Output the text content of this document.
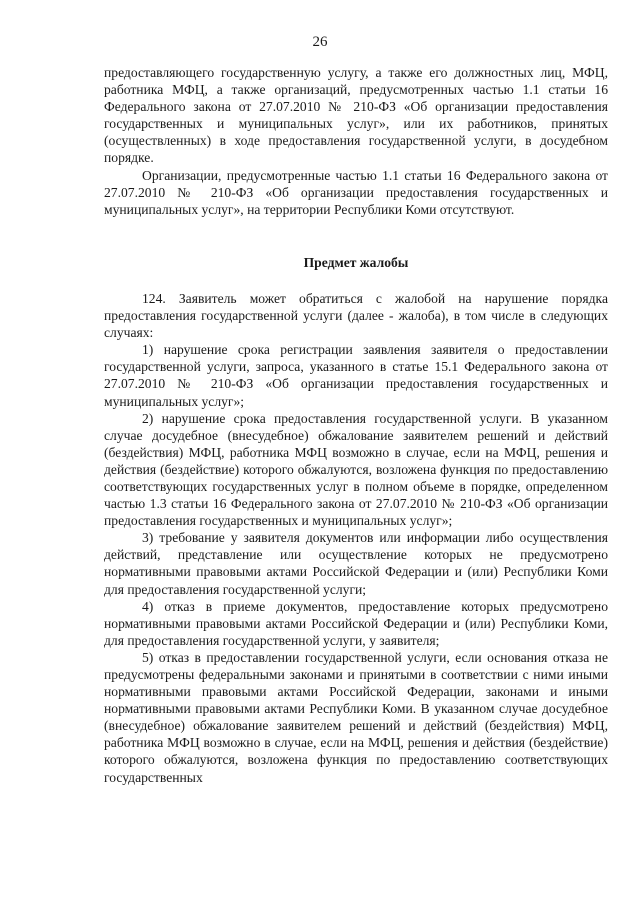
26

предоставляющего государственную услугу, а также его должностных лиц, МФЦ, работника МФЦ, а также организаций, предусмотренных частью 1.1 статьи 16 Федерального закона от 27.07.2010 № 210-ФЗ «Об организации предоставления государственных и муниципальных услуг», или их работников, принятых (осуществленных) в ходе предоставления государственной услуги, в досудебном порядке.

Организации, предусмотренные частью 1.1 статьи 16 Федерального закона от 27.07.2010 № 210-ФЗ «Об организации предоставления государственных и муниципальных услуг», на территории Республики Коми отсутствуют.

Предмет жалобы

124. Заявитель может обратиться с жалобой на нарушение порядка предоставления государственной услуги (далее - жалоба), в том числе в следующих случаях:

1) нарушение срока регистрации заявления заявителя о предоставлении государственной услуги, запроса, указанного в статье 15.1 Федерального закона от 27.07.2010 № 210-ФЗ «Об организации предоставления государственных и муниципальных услуг»;

2) нарушение срока предоставления государственной услуги. В указанном случае досудебное (внесудебное) обжалование заявителем решений и действий (бездействия) МФЦ, работника МФЦ возможно в случае, если на МФЦ, решения и действия (бездействие) которого обжалуются, возложена функция по предоставлению соответствующих государственных услуг в полном объеме в порядке, определенном частью 1.3 статьи 16 Федерального закона от 27.07.2010 № 210-ФЗ «Об организации предоставления государственных и муниципальных услуг»;

3) требование у заявителя документов или информации либо осуществления действий, представление или осуществление которых не предусмотрено нормативными правовыми актами Российской Федерации и (или) Республики Коми для предоставления государственной услуги;

4) отказ в приеме документов, предоставление которых предусмотрено нормативными правовыми актами Российской Федерации и (или) Республики Коми, для предоставления государственной услуги, у заявителя;

5) отказ в предоставлении государственной услуги, если основания отказа не предусмотрены федеральными законами и принятыми в соответствии с ними иными нормативными правовыми актами Российской Федерации, законами и иными нормативными правовыми актами Республики Коми. В указанном случае досудебное (внесудебное) обжалование заявителем решений и действий (бездействия) МФЦ, работника МФЦ возможно в случае, если на МФЦ, решения и действия (бездействие) которого обжалуются, возложена функция по предоставлению соответствующих государственных
